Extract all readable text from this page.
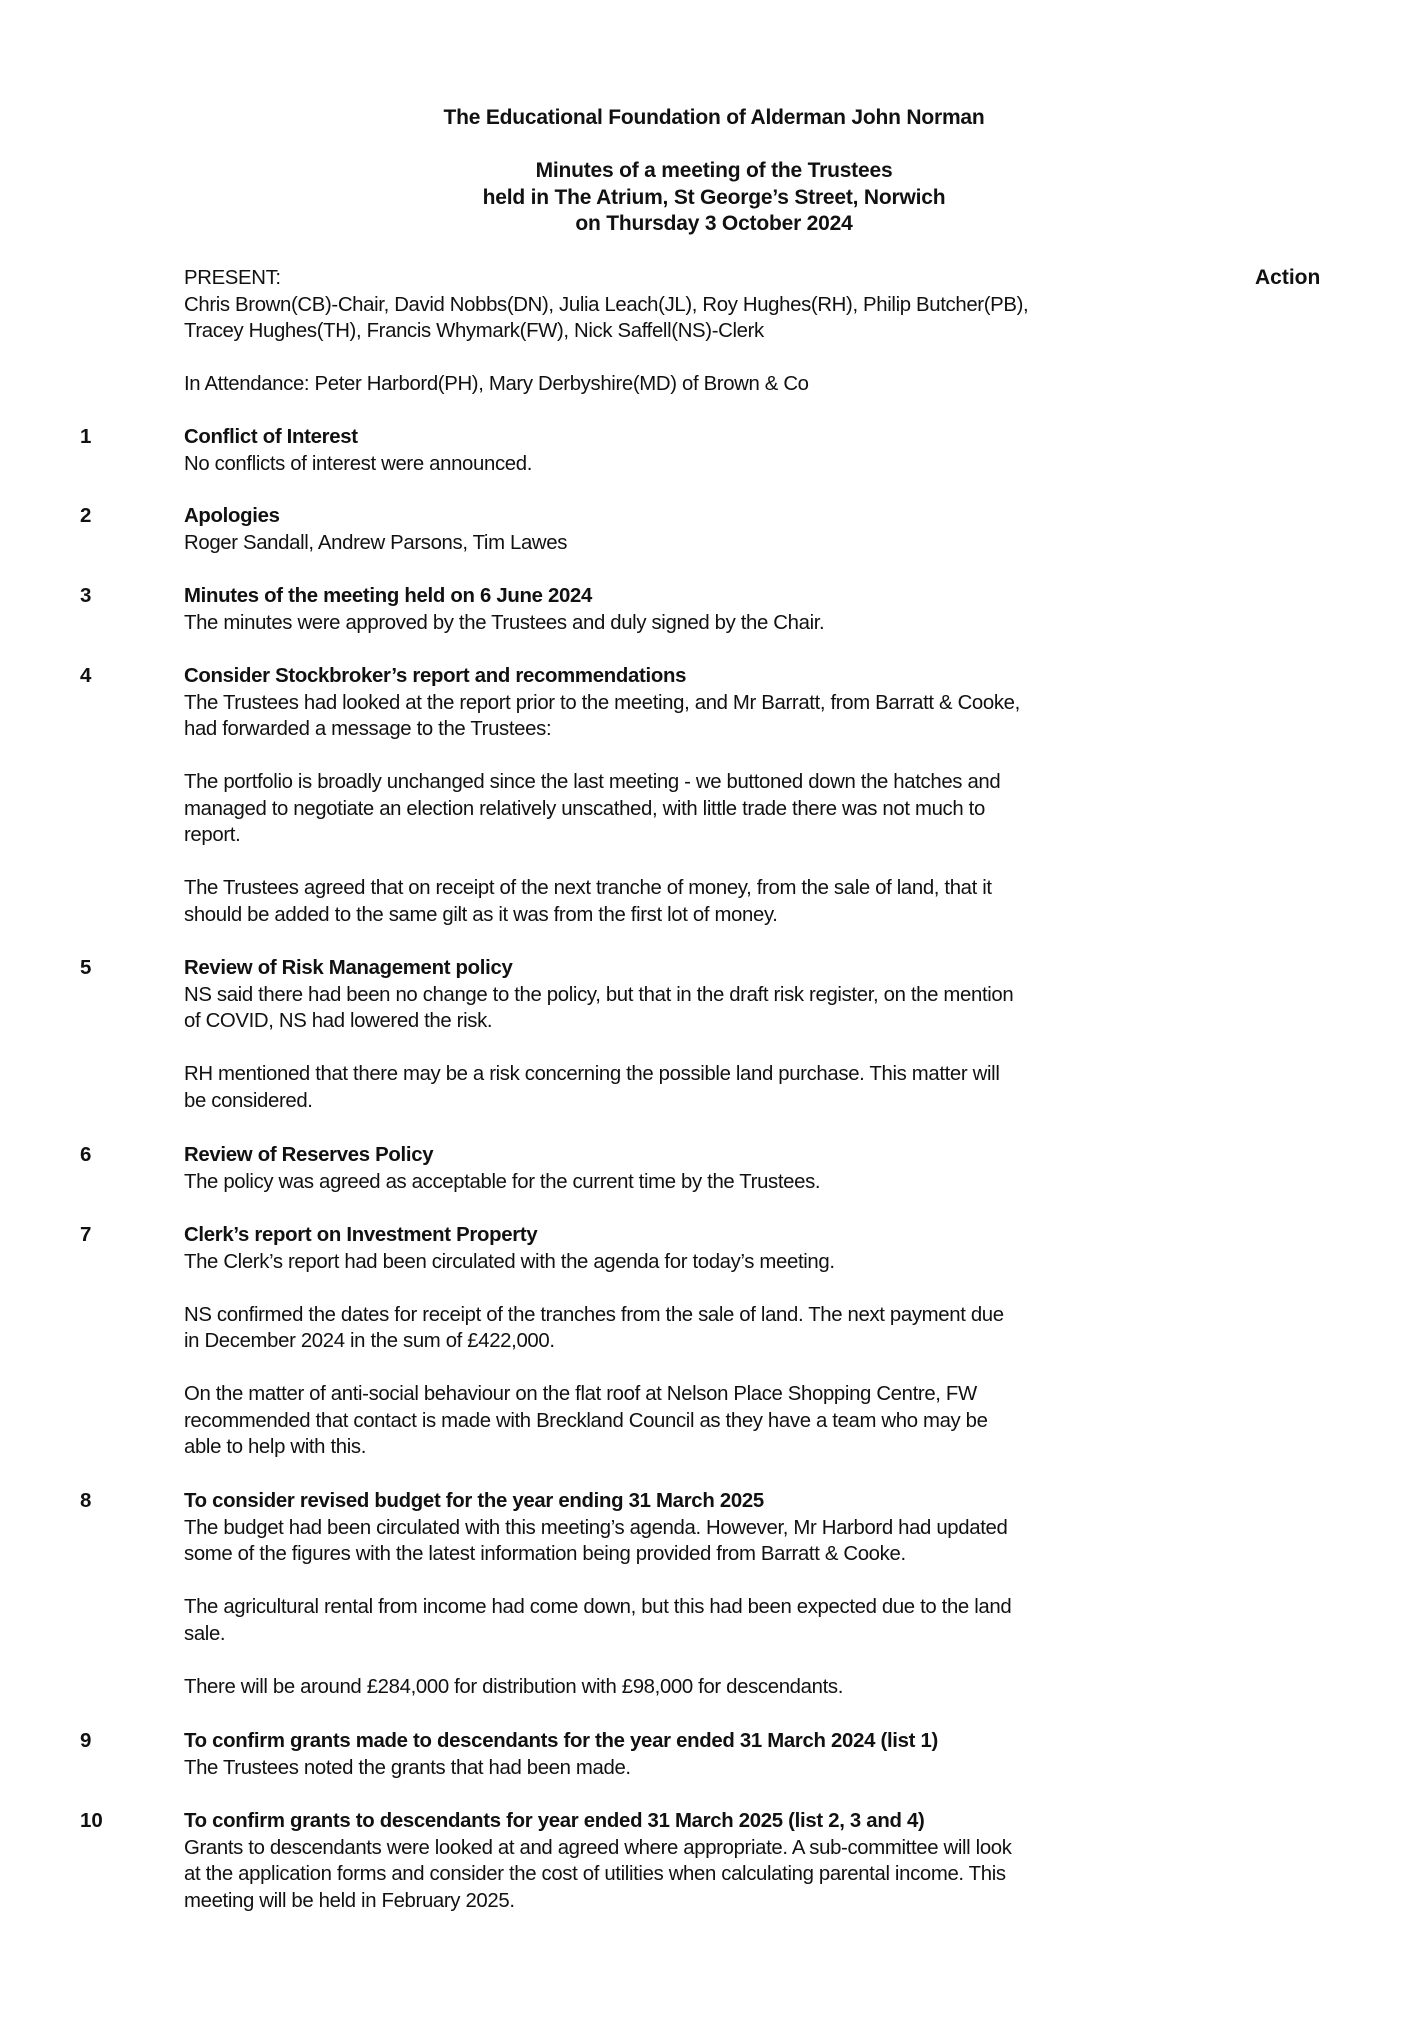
The Educational Foundation of Alderman John Norman
Minutes of a meeting of the Trustees
held in The Atrium, St George’s Street, Norwich
on Thursday 3 October 2024
Action
PRESENT:
Chris Brown(CB)-Chair, David Nobbs(DN), Julia Leach(JL), Roy Hughes(RH), Philip Butcher(PB),
Tracey Hughes(TH), Francis Whymark(FW), Nick Saffell(NS)-Clerk
In Attendance: Peter Harbord(PH), Mary Derbyshire(MD) of Brown & Co
1	Conflict of Interest
No conflicts of interest were announced.
2	Apologies
Roger Sandall, Andrew Parsons, Tim Lawes
3	Minutes of the meeting held on 6 June 2024
The minutes were approved by the Trustees and duly signed by the Chair.
4	Consider Stockbroker’s report and recommendations
The Trustees had looked at the report prior to the meeting, and Mr Barratt, from Barratt & Cooke,
had forwarded a message to the Trustees:
The portfolio is broadly unchanged since the last meeting - we buttoned down the hatches and
managed to negotiate an election relatively unscathed, with little trade there was not much to
report.
The Trustees agreed that on receipt of the next tranche of money, from the sale of land, that it
should be added to the same gilt as it was from the first lot of money.
5	Review of Risk Management policy
NS said there had been no change to the policy, but that in the draft risk register, on the mention
of COVID, NS had lowered the risk.
RH mentioned that there may be a risk concerning the possible land purchase. This matter will
be considered.
6	Review of Reserves Policy
The policy was agreed as acceptable for the current time by the Trustees.
7	Clerk’s report on Investment Property
The Clerk’s report had been circulated with the agenda for today’s meeting.
NS confirmed the dates for receipt of the tranches from the sale of land. The next payment due
in December 2024 in the sum of £422,000.
On the matter of anti-social behaviour on the flat roof at Nelson Place Shopping Centre, FW
recommended that contact is made with Breckland Council as they have a team who may be
able to help with this.
8	To consider revised budget for the year ending 31 March 2025
The budget had been circulated with this meeting’s agenda. However, Mr Harbord had updated
some of the figures with the latest information being provided from Barratt & Cooke.
The agricultural rental from income had come down, but this had been expected due to the land
sale.
There will be around £284,000 for distribution with £98,000 for descendants.
9	To confirm grants made to descendants for the year ended 31 March 2024 (list 1)
The Trustees noted the grants that had been made.
10	To confirm grants to descendants for year ended 31 March 2025 (list 2, 3 and 4)
Grants to descendants were looked at and agreed where appropriate. A sub-committee will look
at the application forms and consider the cost of utilities when calculating parental income. This
meeting will be held in February 2025.
